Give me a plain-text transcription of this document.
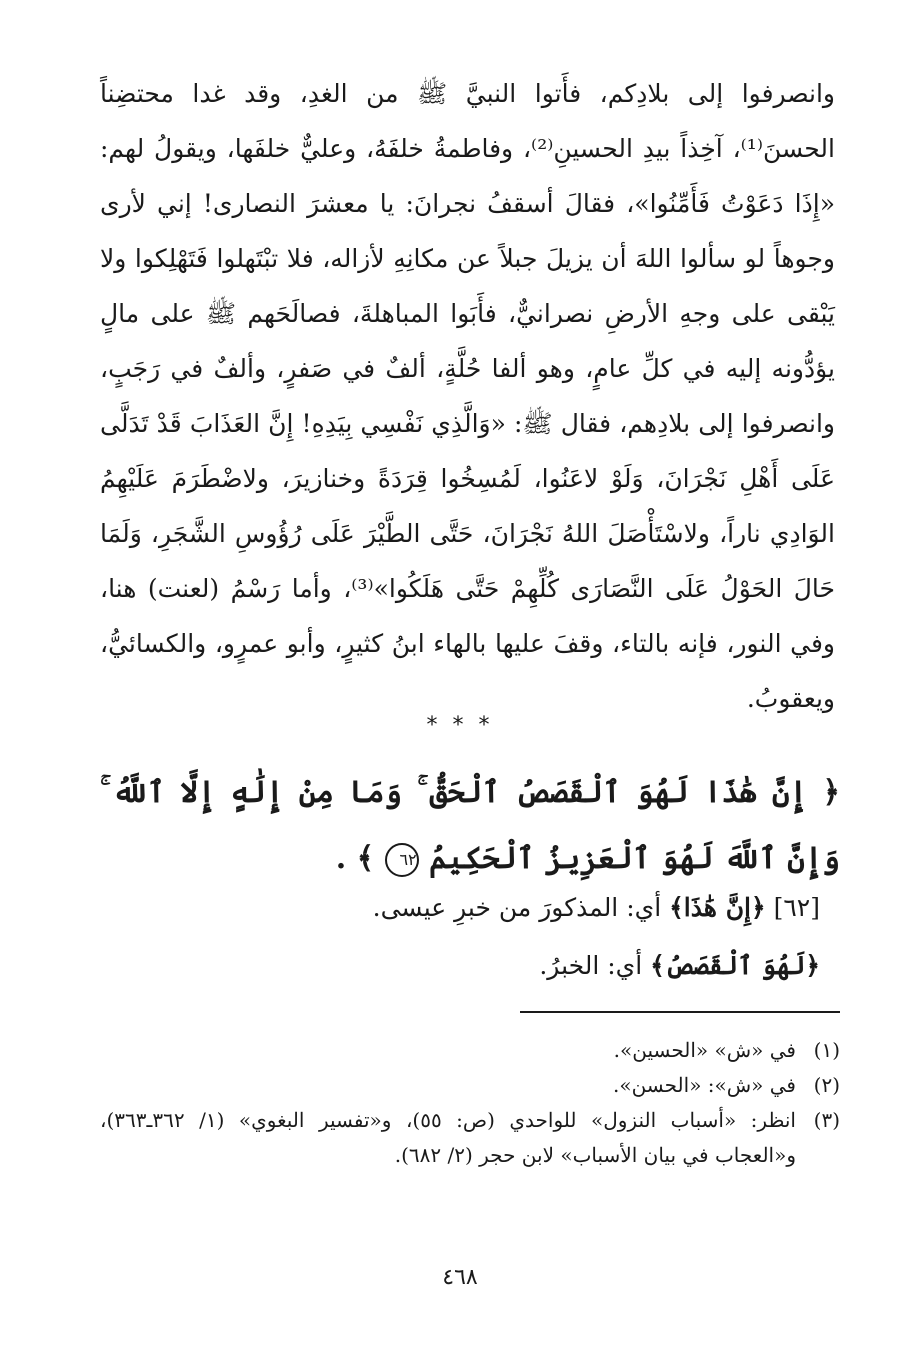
وانصرفوا إلى بلادِكم، فأَتوا النبيَّ ﷺ من الغدِ، وقد غدا محتضِناً الحسنَ⁽¹⁾، آخِذاً بيدِ الحسينِ⁽²⁾، وفاطمةُ خلفَهُ، وعليٌّ خلفَها، ويقولُ لهم: «إِذَا دَعَوْتُ فَأَمِّنُوا»، فقالَ أسقفُ نجرانَ: يا معشرَ النصارى! إني لأرى وجوهاً لو سألوا اللهَ أن يزيلَ جبلاً عن مكانِهِ لأزاله، فلا تبْتَهلوا فَتَهْلِكوا ولا يَبْقى على وجهِ الأرضِ نصرانيٌّ، فأَبَوا المباهلةَ، فصالَحَهم ﷺ على مالٍ يؤدُّونه إليه في كلِّ عامٍ، وهو ألفا حُلَّةٍ، ألفٌ في صَفرٍ، وألفٌ في رَجَبٍ، وانصرفوا إلى بلادِهم، فقال ﷺ: «وَالَّذِي نَفْسِي بِيَدِهِ! إِنَّ العَذَابَ قَدْ تَدَلَّى عَلَى أَهْلِ نَجْرَانَ، وَلَوْ لاعَنُوا، لَمُسِخُوا قِرَدَةً وخنازيرَ، ولاضْطَرَمَ عَلَيْهِمُ الوَادِي ناراً، ولاسْتَأْصَلَ اللهُ نَجْرَانَ، حَتَّى الطَّيْرَ عَلَى رُؤُوسِ الشَّجَرِ، وَلَمَا حَالَ الحَوْلُ عَلَى النَّصَارَى كُلِّهِمْ حَتَّى هَلَكُوا»⁽³⁾، وأما رَسْمُ (لعنت) هنا، وفي النور، فإنه بالتاء، وقفَ عليها بالهاء ابنُ كثيرٍ، وأبو عمرٍو، والكسائيُّ، ويعقوبُ.

* * *

﴿ إِنَّ هَٰذَا لَهُوَ ٱلْقَصَصُ ٱلْحَقُّ ۚ وَمَا مِنْ إِلَٰهٍ إِلَّا ٱللَّهُ ۚ وَإِنَّ ٱللَّهَ لَهُوَ ٱلْعَزِيزُ ٱلْحَكِيمُ ٦٢ ﴾ .

[٦٢] ﴿إِنَّ هَٰذَا﴾ أي: المذكورَ من خبرِ عيسى.

﴿لَهُوَ ٱلْقَصَصُ﴾ أي: الخبرُ.

(١)
في «ش» «الحسين».
(٢)
في «ش»: «الحسن».
(٣)
انظر: «أسباب النزول» للواحدي (ص: ٥٥)، و«تفسير البغوي» (١/ ٣٦٢ـ٣٦٣)، و«العجاب في بيان الأسباب» لابن حجر (٢/ ٦٨٢).
٤٦٨
